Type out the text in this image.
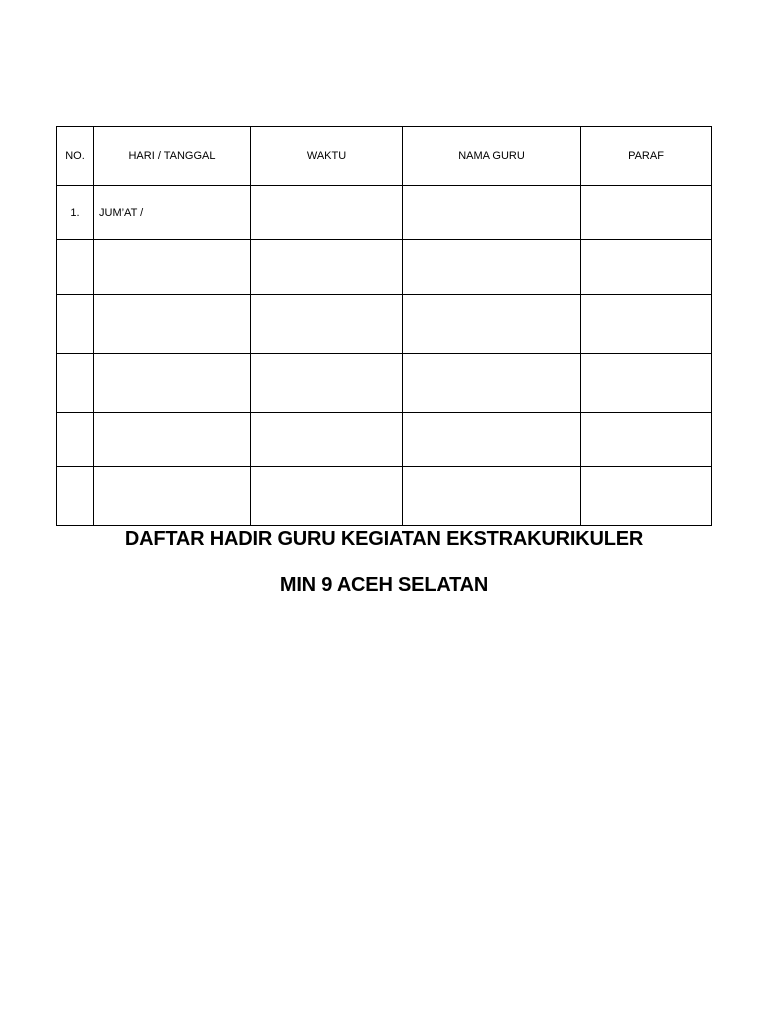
NO.	HARI / TANGGAL	WAKTU	NAMA GURU	PARAF
1.	JUM’AT /			

DAFTAR HADIR GURU KEGIATAN EKSTRAKURIKULER
MIN 9 ACEH SELATAN
